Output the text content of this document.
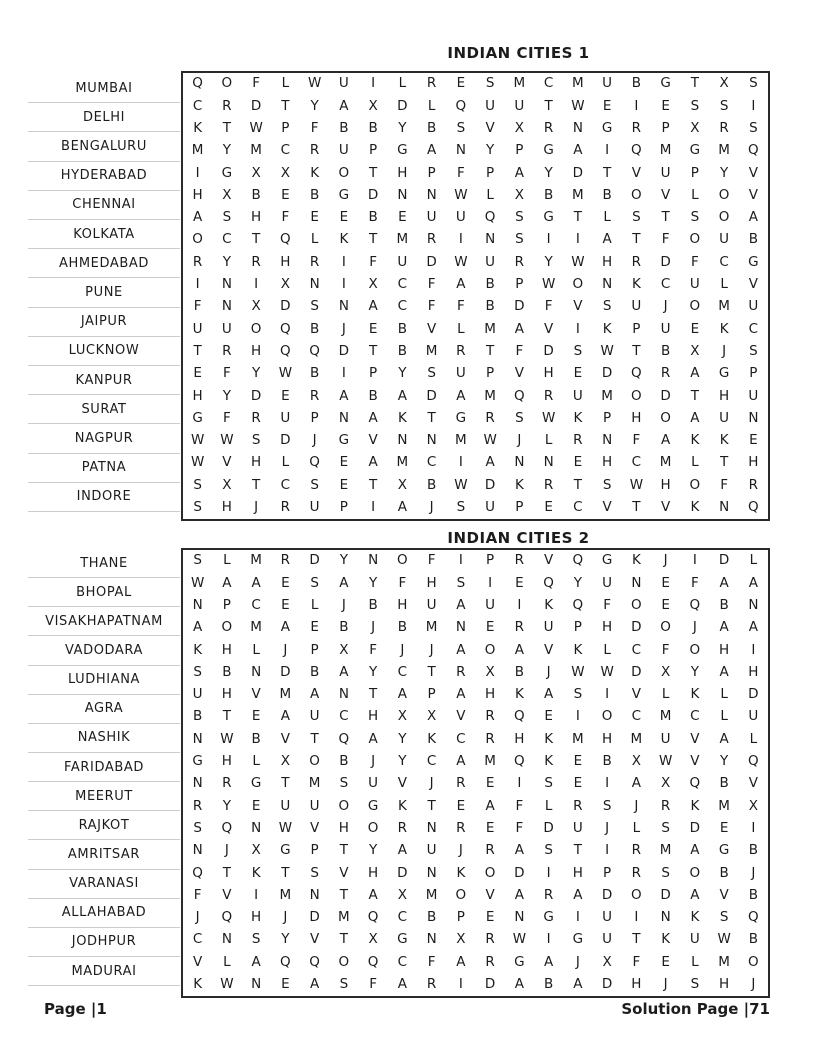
INDIAN CITIES 1
MUMBAI
DELHI
BENGALURU
HYDERABAD
CHENNAI
KOLKATA
AHMEDABAD
PUNE
JAIPUR
LUCKNOW
KANPUR
SURAT
NAGPUR
PATNA
INDORE
Q	O	F	L	W	U	I	L	R	E	S	M	C	M	U	B	G	T	X	S
C	R	D	T	Y	A	X	D	L	Q	U	U	T	W	E	I	E	S	S	I
K	T	W	P	F	B	B	Y	B	S	V	X	R	N	G	R	P	X	R	S
M	Y	M	C	R	U	P	G	A	N	Y	P	G	A	I	Q	M	G	M	Q
I	G	X	X	K	O	T	H	P	F	P	A	Y	D	T	V	U	P	Y	V
H	X	B	E	B	G	D	N	N	W	L	X	B	M	B	O	V	L	O	V
A	S	H	F	E	E	B	E	U	U	Q	S	G	T	L	S	T	S	O	A
O	C	T	Q	L	K	T	M	R	I	N	S	I	I	A	T	F	O	U	B
R	Y	R	H	R	I	F	U	D	W	U	R	Y	W	H	R	D	F	C	G
I	N	I	X	N	I	X	C	F	A	B	P	W	O	N	K	C	U	L	V
F	N	X	D	S	N	A	C	F	F	B	D	F	V	S	U	J	O	M	U
U	U	O	Q	B	J	E	B	V	L	M	A	V	I	K	P	U	E	K	C
T	R	H	Q	Q	D	T	B	M	R	T	F	D	S	W	T	B	X	J	S
E	F	Y	W	B	I	P	Y	S	U	P	V	H	E	D	Q	R	A	G	P
H	Y	D	E	R	A	B	A	D	A	M	Q	R	U	M	O	D	T	H	U
G	F	R	U	P	N	A	K	T	G	R	S	W	K	P	H	O	A	U	N
W	W	S	D	J	G	V	N	N	M	W	J	L	R	N	F	A	K	K	E
W	V	H	L	Q	E	A	M	C	I	A	N	N	E	H	C	M	L	T	H
S	X	T	C	S	E	T	X	B	W	D	K	R	T	S	W	H	O	F	R
S	H	J	R	U	P	I	A	J	S	U	P	E	C	V	T	V	K	N	Q
INDIAN CITIES 2
THANE
BHOPAL
VISAKHAPATNAM
VADODARA
LUDHIANA
AGRA
NASHIK
FARIDABAD
MEERUT
RAJKOT
AMRITSAR
VARANASI
ALLAHABAD
JODHPUR
MADURAI
S	L	M	R	D	Y	N	O	F	I	P	R	V	Q	G	K	J	I	D	L
W	A	A	E	S	A	Y	F	H	S	I	E	Q	Y	U	N	E	F	A	A
N	P	C	E	L	J	B	H	U	A	U	I	K	Q	F	O	E	Q	B	N
A	O	M	A	E	B	J	B	M	N	E	R	U	P	H	D	O	J	A	A
K	H	L	J	P	X	F	J	J	A	O	A	V	K	L	C	F	O	H	I
S	B	N	D	B	A	Y	C	T	R	X	B	J	W	W	D	X	Y	A	H
U	H	V	M	A	N	T	A	P	A	H	K	A	S	I	V	L	K	L	D
B	T	E	A	U	C	H	X	X	V	R	Q	E	I	O	C	M	C	L	U
N	W	B	V	T	Q	A	Y	K	C	R	H	K	M	H	M	U	V	A	L
G	H	L	X	O	B	J	Y	C	A	M	Q	K	E	B	X	W	V	Y	Q
N	R	G	T	M	S	U	V	J	R	E	I	S	E	I	A	X	Q	B	V
R	Y	E	U	U	O	G	K	T	E	A	F	L	R	S	J	R	K	M	X
S	Q	N	W	V	H	O	R	N	R	E	F	D	U	J	L	S	D	E	I
N	J	X	G	P	T	Y	A	U	J	R	A	S	T	I	R	M	A	G	B
Q	T	K	T	S	V	H	D	N	K	O	D	I	H	P	R	S	O	B	J
F	V	I	M	N	T	A	X	M	O	V	A	R	A	D	O	D	A	V	B
J	Q	H	J	D	M	Q	C	B	P	E	N	G	I	U	I	N	K	S	Q
C	N	S	Y	V	T	X	G	N	X	R	W	I	G	U	T	K	U	W	B
V	L	A	Q	Q	O	Q	C	F	A	R	G	A	J	X	F	E	L	M	O
K	W	N	E	A	S	F	A	R	I	D	A	B	A	D	H	J	S	H	J
Page |1	Solution Page |71
